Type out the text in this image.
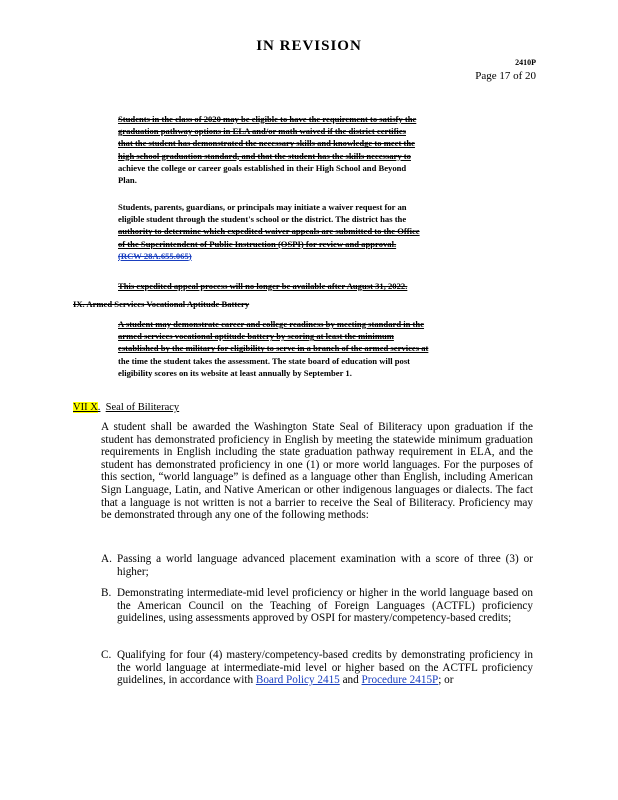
IN REVISION
2410P
Page 17 of 20
Students in the class of 2020 may be eligible to have the requirement to satisfy the
graduation pathway options in ELA and/or math waived if the district certifies
that the student has demonstrated the necessary skills and knowledge to meet the
high school graduation standard, and that the student has the skills necessary to
achieve the college or career goals established in their High School and Beyond
Plan.
Students, parents, guardians, or principals may initiate a waiver request for an
eligible student through the student's school or the district. The district has the
authority to determine which expedited waiver appeals are submitted to the Office
of the Superintendent of Public Instruction (OSPI) for review and approval.
(RCW 28A.655.065)
This expedited appeal process will no longer be available after August 31, 2022.
IX. Armed Services Vocational Aptitude Battery
A student may demonstrate career and college readiness by meeting standard in the
armed services vocational aptitude battery by scoring at least the minimum
established by the military for eligibility to serve in a branch of the armed services at
the time the student takes the assessment. The state board of education will post
eligibility scores on its website at least annually by September 1.
VII X. Seal of Biliteracy
A student shall be awarded the Washington State Seal of Biliteracy upon graduation if the student has demonstrated proficiency in English by meeting the statewide minimum graduation requirements in English including the state graduation pathway requirement in ELA, and the student has demonstrated proficiency in one (1) or more world languages. For the purposes of this section, “world language” is defined as a language other than English, including American Sign Language, Latin, and Native American or other indigenous languages or dialects. The fact that a language is not written is not a barrier to receive the Seal of Biliteracy. Proficiency may be demonstrated through any one of the following methods:
A. Passing a world language advanced placement examination with a score of three (3) or higher;
B. Demonstrating intermediate-mid level proficiency or higher in the world language based on the American Council on the Teaching of Foreign Languages (ACTFL) proficiency guidelines, using assessments approved by OSPI for mastery/competency-based credits;
C. Qualifying for four (4) mastery/competency-based credits by demonstrating proficiency in the world language at intermediate-mid level or higher based on the ACTFL proficiency guidelines, in accordance with Board Policy 2415 and Procedure 2415P; or
